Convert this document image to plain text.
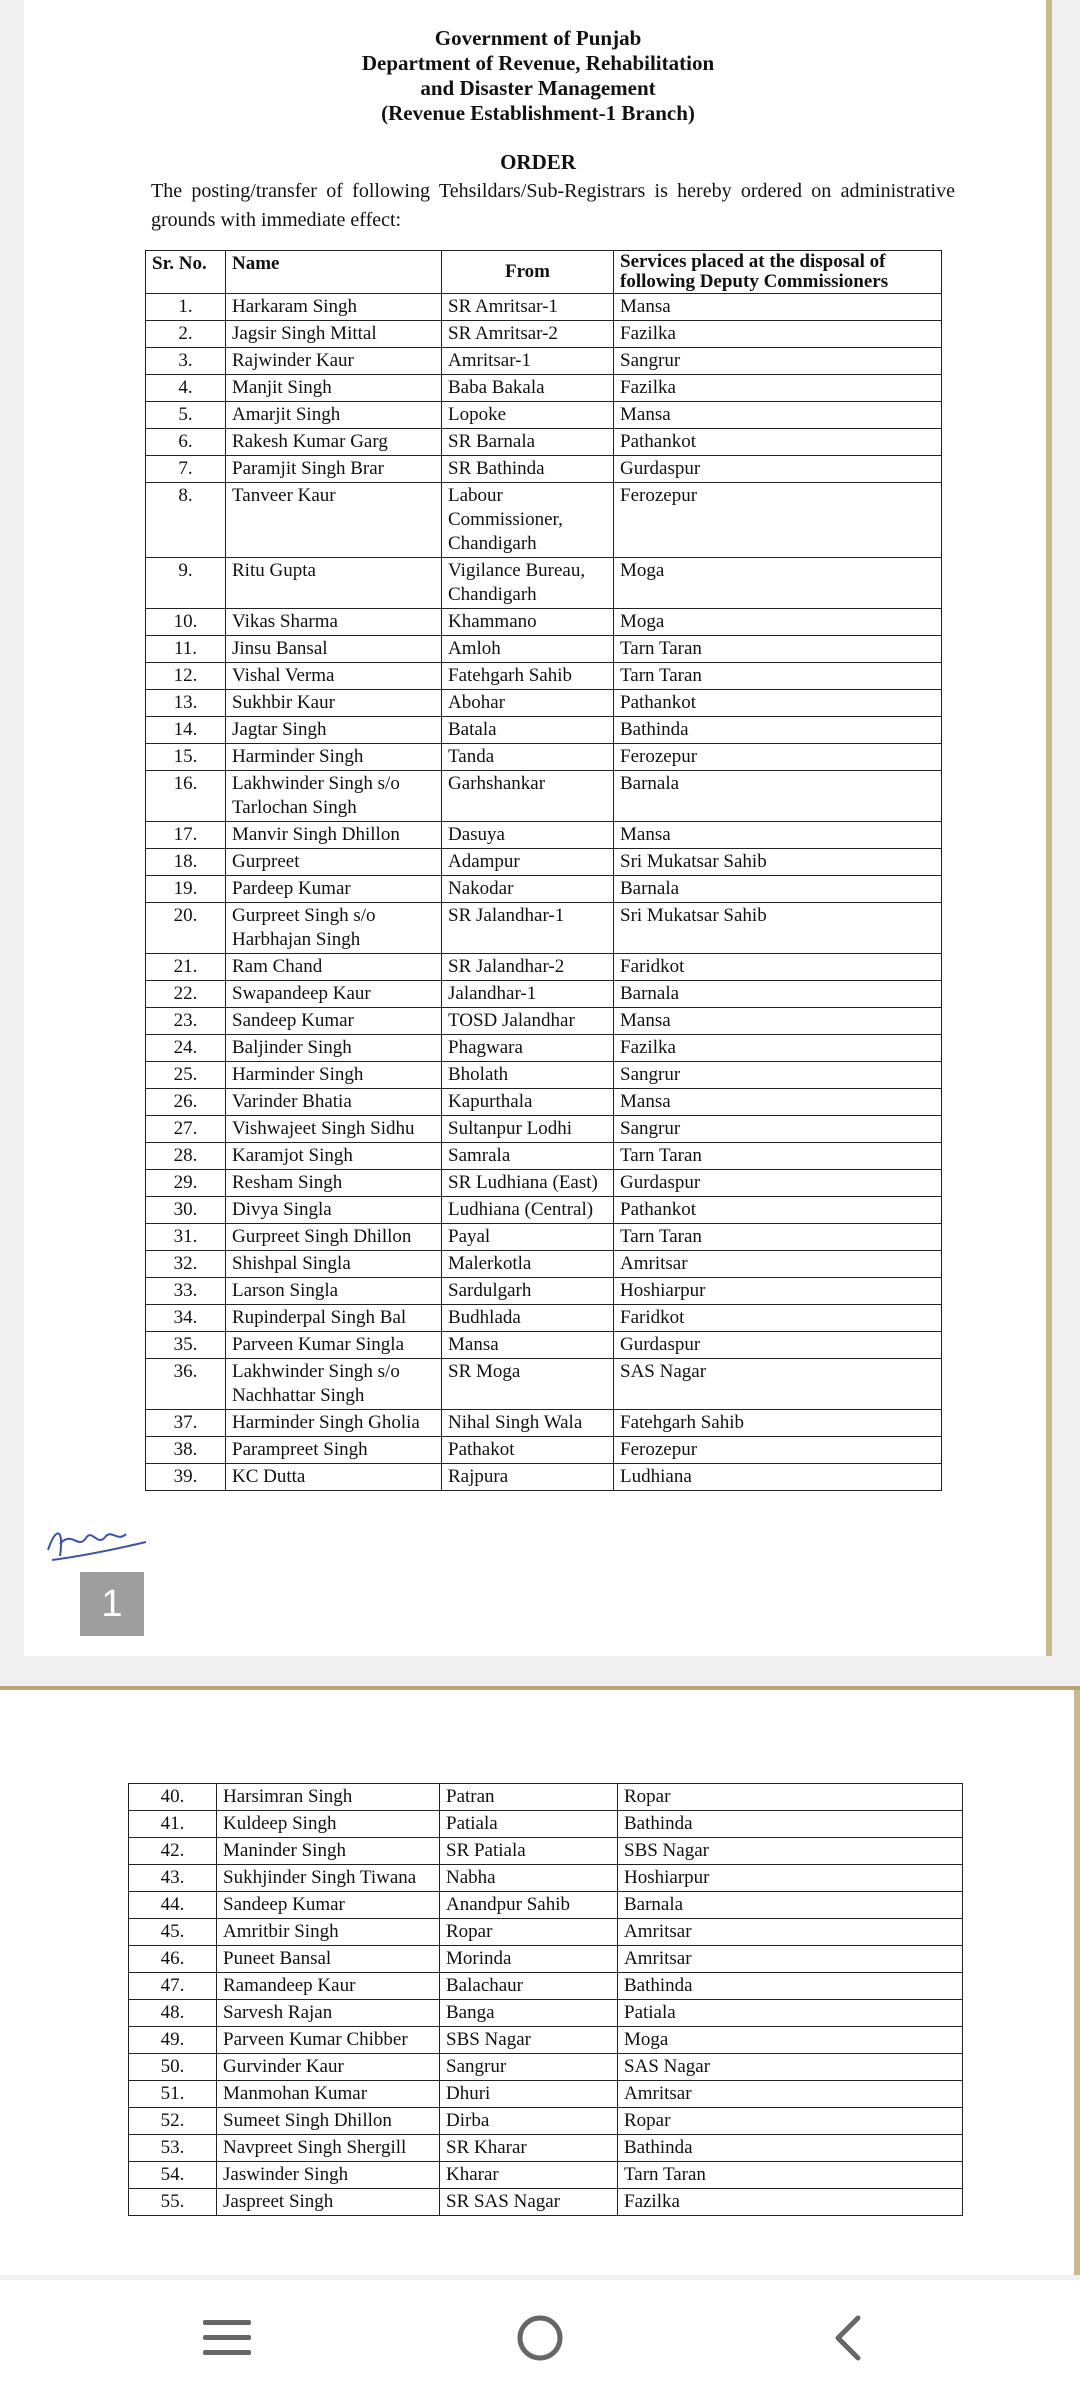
Government of Punjab
Department of Revenue, Rehabilitation
and Disaster Management
(Revenue Establishment-1 Branch)
ORDER
The posting/transfer of following Tehsildars/Sub-Registrars is hereby ordered on administrative grounds with immediate effect:
Sr. No.	Name	From	Services placed at the disposal of following Deputy Commissioners
1.	Harkaram Singh	SR Amritsar-1	Mansa
2.	Jagsir Singh Mittal	SR Amritsar-2	Fazilka
3.	Rajwinder Kaur	Amritsar-1	Sangrur
4.	Manjit Singh	Baba Bakala	Fazilka
5.	Amarjit Singh	Lopoke	Mansa
6.	Rakesh Kumar Garg	SR Barnala	Pathankot
7.	Paramjit Singh Brar	SR Bathinda	Gurdaspur
8.	Tanveer Kaur	Labour Commissioner, Chandigarh	Ferozepur
9.	Ritu Gupta	Vigilance Bureau, Chandigarh	Moga
10.	Vikas Sharma	Khammano	Moga
11.	Jinsu Bansal	Amloh	Tarn Taran
12.	Vishal Verma	Fatehgarh Sahib	Tarn Taran
13.	Sukhbir Kaur	Abohar	Pathankot
14.	Jagtar Singh	Batala	Bathinda
15.	Harminder Singh	Tanda	Ferozepur
16.	Lakhwinder Singh s/o Tarlochan Singh	Garhshankar	Barnala
17.	Manvir Singh Dhillon	Dasuya	Mansa
18.	Gurpreet	Adampur	Sri Mukatsar Sahib
19.	Pardeep Kumar	Nakodar	Barnala
20.	Gurpreet Singh s/o Harbhajan Singh	SR Jalandhar-1	Sri Mukatsar Sahib
21.	Ram Chand	SR Jalandhar-2	Faridkot
22.	Swapandeep Kaur	Jalandhar-1	Barnala
23.	Sandeep Kumar	TOSD Jalandhar	Mansa
24.	Baljinder Singh	Phagwara	Fazilka
25.	Harminder Singh	Bholath	Sangrur
26.	Varinder Bhatia	Kapurthala	Mansa
27.	Vishwajeet Singh Sidhu	Sultanpur Lodhi	Sangrur
28.	Karamjot Singh	Samrala	Tarn Taran
29.	Resham Singh	SR Ludhiana (East)	Gurdaspur
30.	Divya Singla	Ludhiana (Central)	Pathankot
31.	Gurpreet Singh Dhillon	Payal	Tarn Taran
32.	Shishpal Singla	Malerkotla	Amritsar
33.	Larson Singla	Sardulgarh	Hoshiarpur
34.	Rupinderpal Singh Bal	Budhlada	Faridkot
35.	Parveen Kumar Singla	Mansa	Gurdaspur
36.	Lakhwinder Singh s/o Nachhattar Singh	SR Moga	SAS Nagar
37.	Harminder Singh Gholia	Nihal Singh Wala	Fatehgarh Sahib
38.	Parampreet Singh	Pathakot	Ferozepur
39.	KC Dutta	Rajpura	Ludhiana
1
40.	Harsimran Singh	Patran	Ropar
41.	Kuldeep Singh	Patiala	Bathinda
42.	Maninder Singh	SR Patiala	SBS Nagar
43.	Sukhjinder Singh Tiwana	Nabha	Hoshiarpur
44.	Sandeep Kumar	Anandpur Sahib	Barnala
45.	Amritbir Singh	Ropar	Amritsar
46.	Puneet Bansal	Morinda	Amritsar
47.	Ramandeep Kaur	Balachaur	Bathinda
48.	Sarvesh Rajan	Banga	Patiala
49.	Parveen Kumar Chibber	SBS Nagar	Moga
50.	Gurvinder Kaur	Sangrur	SAS Nagar
51.	Manmohan Kumar	Dhuri	Amritsar
52.	Sumeet Singh Dhillon	Dirba	Ropar
53.	Navpreet Singh Shergill	SR Kharar	Bathinda
54.	Jaswinder Singh	Kharar	Tarn Taran
55.	Jaspreet Singh	SR SAS Nagar	Fazilka
